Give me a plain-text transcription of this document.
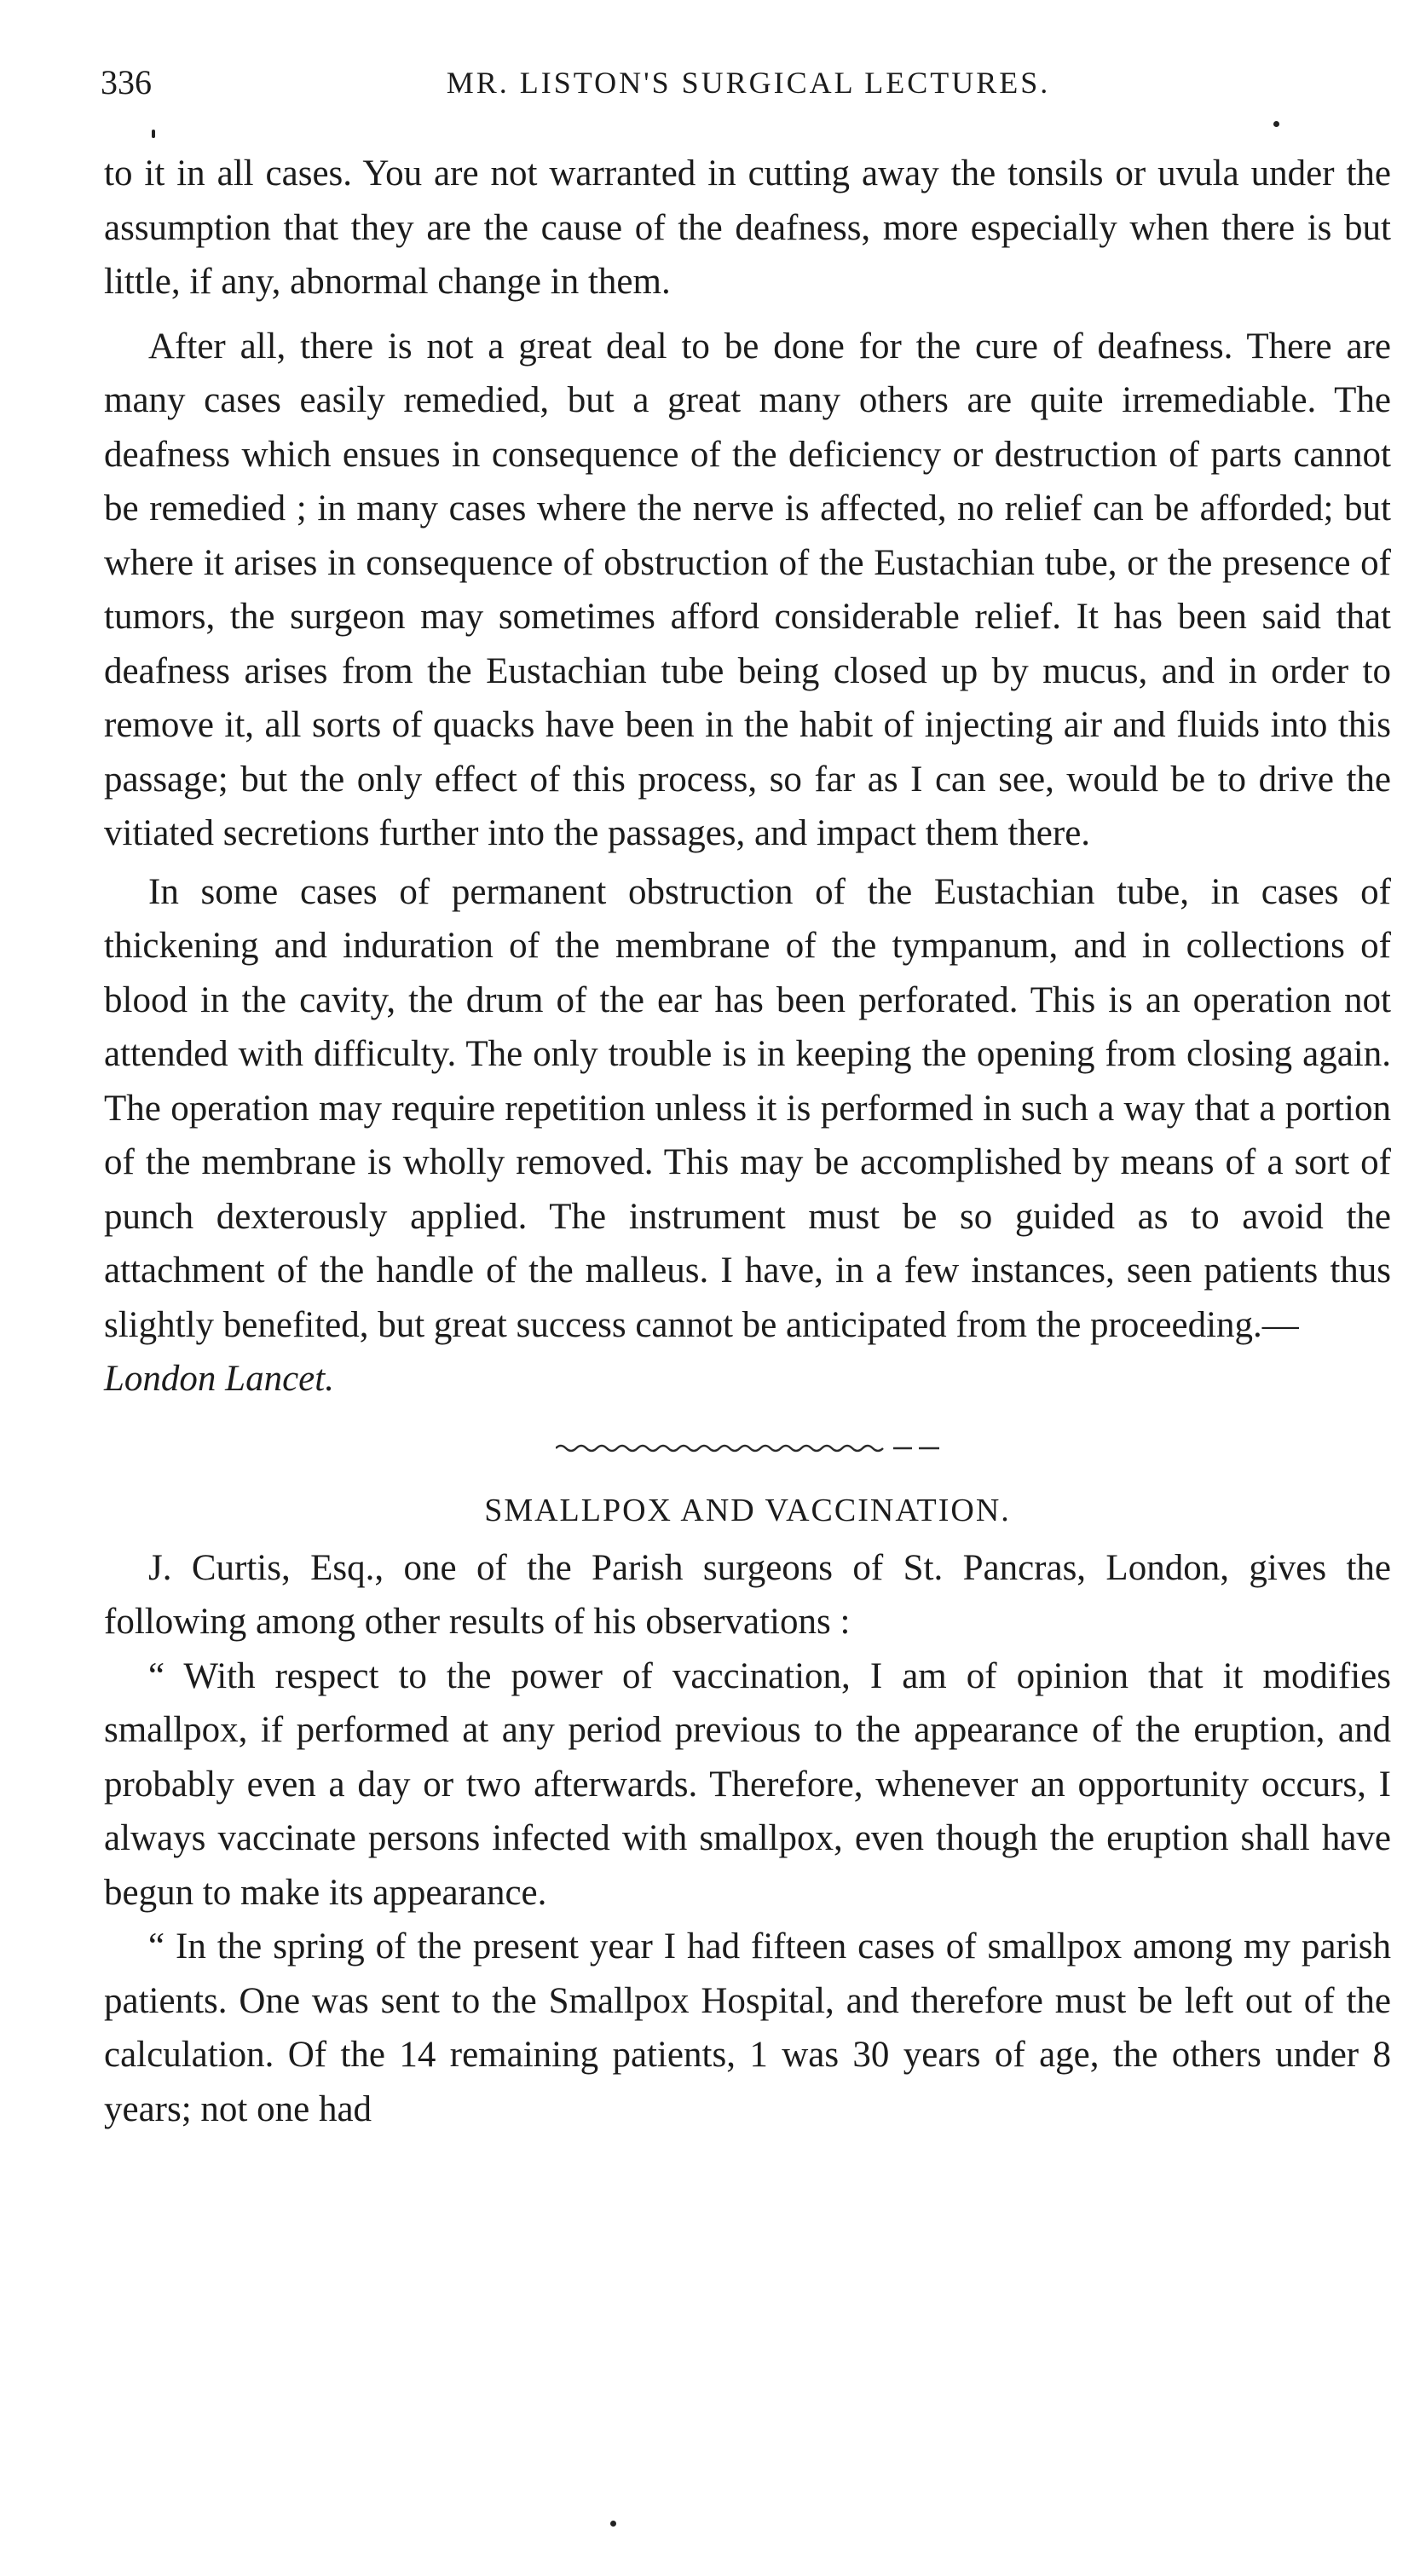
336	MR. LISTON'S SURGICAL LECTURES.

to it in all cases. You are not warranted in cutting away the tonsils or uvula under the assumption that they are the cause of the deafness, more especially when there is but little, if any, abnormal change in them.

After all, there is not a great deal to be done for the cure of deafness. There are many cases easily remedied, but a great many others are quite irremediable. The deafness which ensues in consequence of the deficiency or destruction of parts cannot be remedied ; in many cases where the nerve is affected, no relief can be afforded; but where it arises in consequence of obstruction of the Eustachian tube, or the presence of tumors, the surgeon may sometimes afford considerable relief. It has been said that deafness arises from the Eustachian tube being closed up by mucus, and in order to remove it, all sorts of quacks have been in the habit of injecting air and fluids into this passage; but the only effect of this process, so far as I can see, would be to drive the vitiated secretions further into the passages, and impact them there.

In some cases of permanent obstruction of the Eustachian tube, in cases of thickening and induration of the membrane of the tympanum, and in collections of blood in the cavity, the drum of the ear has been perforated. This is an operation not attended with difficulty. The only trouble is in keeping the opening from closing again. The operation may require repetition unless it is performed in such a way that a portion of the membrane is wholly removed. This may be accomplished by means of a sort of punch dexterously applied. The instrument must be so guided as to avoid the attachment of the handle of the malleus. I have, in a few instances, seen patients thus slightly benefited, but great success cannot be anticipated from the proceeding.—

London Lancet.

SMALLPOX AND VACCINATION.

J. Curtis, Esq., one of the Parish surgeons of St. Pancras, London, gives the following among other results of his observations :

“ With respect to the power of vaccination, I am of opinion that it modifies smallpox, if performed at any period previous to the appearance of the eruption, and probably even a day or two afterwards. Therefore, whenever an opportunity occurs, I always vaccinate persons infected with smallpox, even though the eruption shall have begun to make its appearance.

“ In the spring of the present year I had fifteen cases of smallpox among my parish patients. One was sent to the Smallpox Hospital, and therefore must be left out of the calculation. Of the 14 remaining patients, 1 was 30 years of age, the others under 8 years; not one had
